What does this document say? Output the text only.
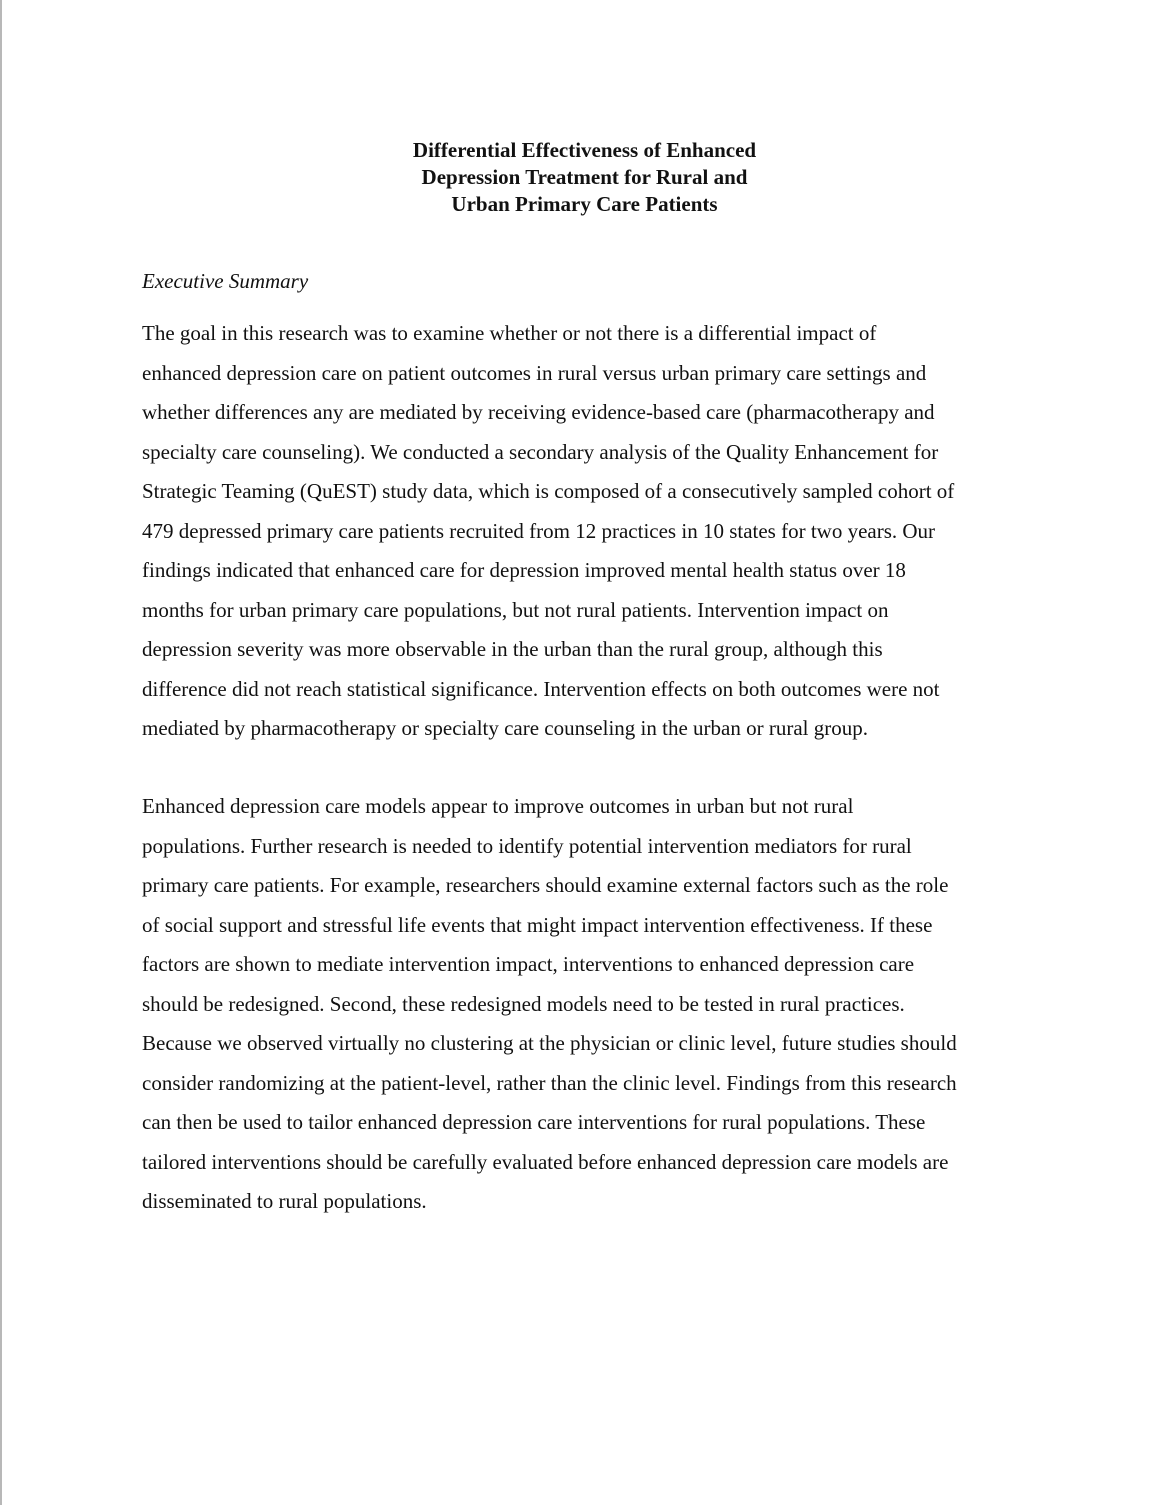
Differential Effectiveness of Enhanced
Depression Treatment for Rural and
Urban Primary Care Patients
Executive Summary
The goal in this research was to examine whether or not there is a differential impact of
enhanced depression care on patient outcomes in rural versus urban primary care settings and
whether differences any are mediated by receiving evidence-based care (pharmacotherapy and
specialty care counseling). We conducted a secondary analysis of the Quality Enhancement for
Strategic Teaming (QuEST) study data, which is composed of a consecutively sampled cohort of
479 depressed primary care patients recruited from 12 practices in 10 states for two years. Our
findings indicated that enhanced care for depression improved mental health status over 18
months for urban primary care populations, but not rural patients. Intervention impact on
depression severity was more observable in the urban than the rural group, although this
difference did not reach statistical significance. Intervention effects on both outcomes were not
mediated by pharmacotherapy or specialty care counseling in the urban or rural group.
Enhanced depression care models appear to improve outcomes in urban but not rural
populations. Further research is needed to identify potential intervention mediators for rural
primary care patients. For example, researchers should examine external factors such as the role
of social support and stressful life events that might impact intervention effectiveness. If these
factors are shown to mediate intervention impact, interventions to enhanced depression care
should be redesigned. Second, these redesigned models need to be tested in rural practices.
Because we observed virtually no clustering at the physician or clinic level, future studies should
consider randomizing at the patient-level, rather than the clinic level. Findings from this research
can then be used to tailor enhanced depression care interventions for rural populations. These
tailored interventions should be carefully evaluated before enhanced depression care models are
disseminated to rural populations.
